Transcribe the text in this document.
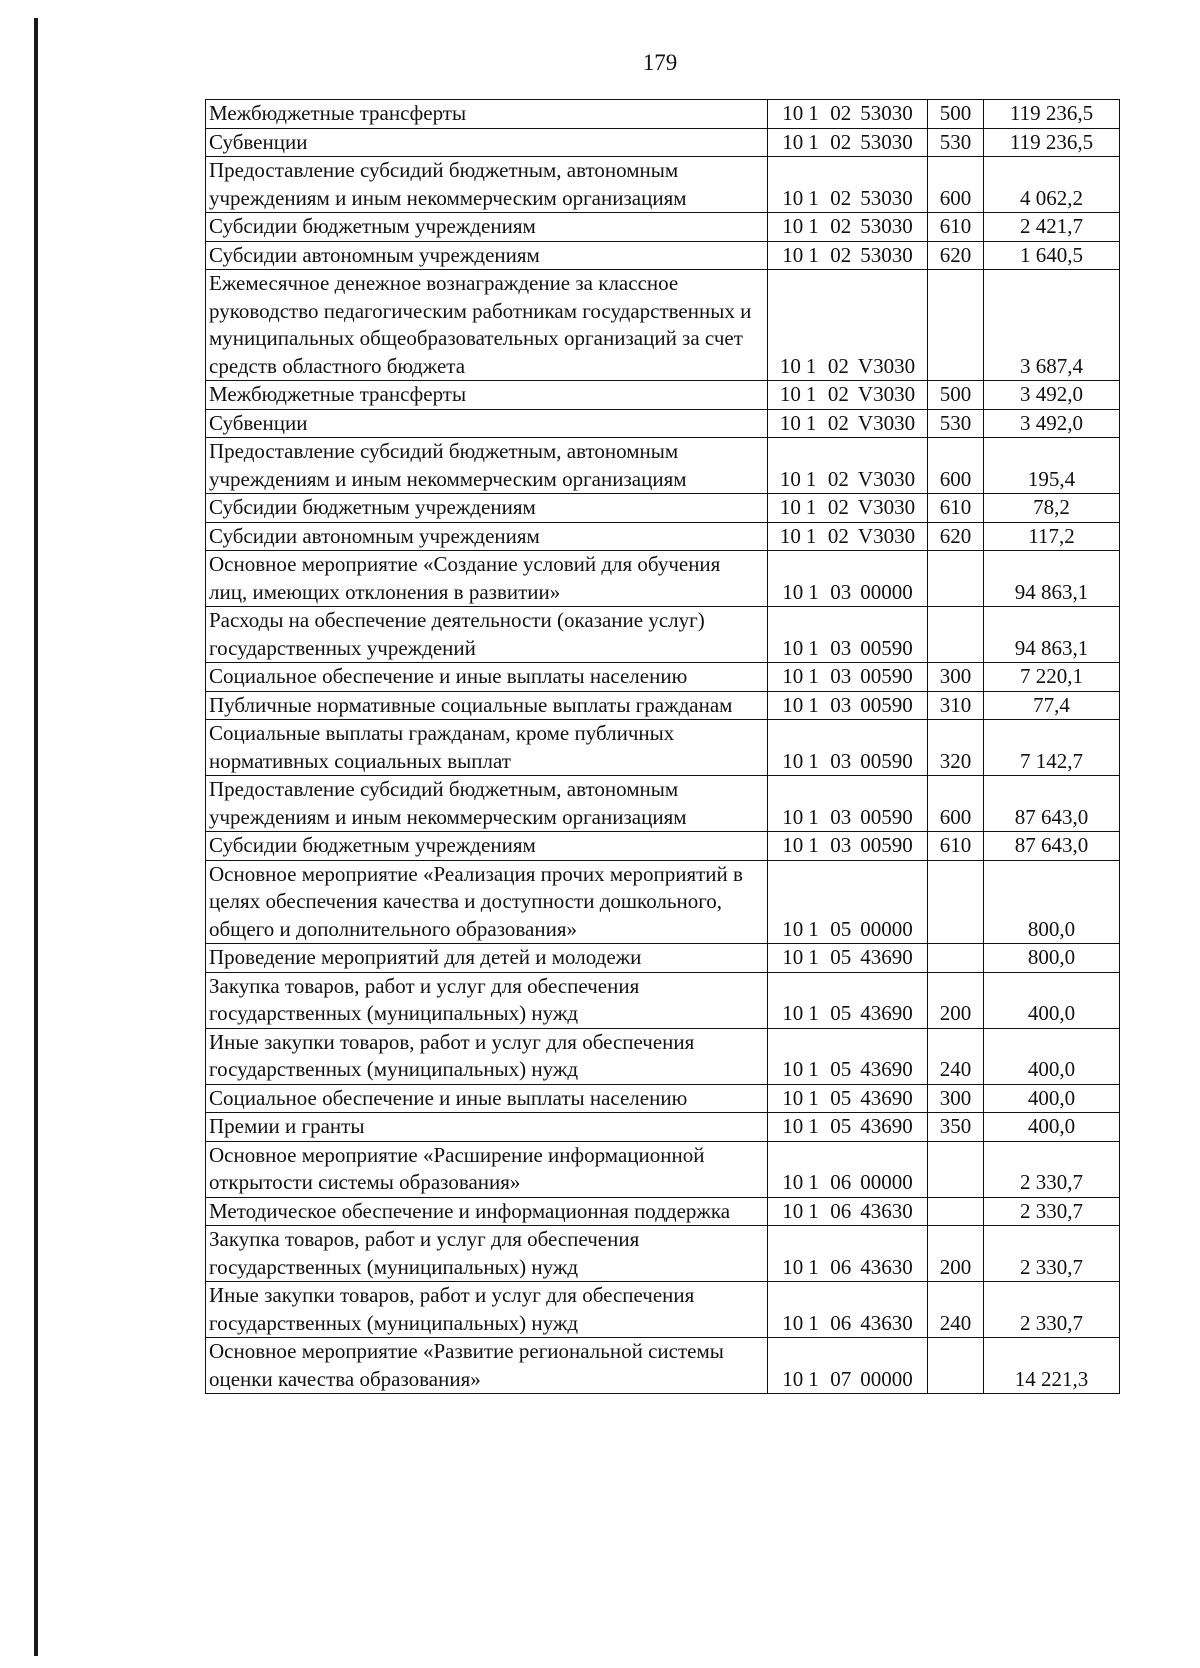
179
Межбюджетные трансферты	10 1 02 53030	500	119 236,5
Субвенции	10 1 02 53030	530	119 236,5
Предоставление субсидий бюджетным, автономным учреждениям и иным некоммерческим организациям	10 1 02 53030	600	4 062,2
Субсидии бюджетным учреждениям	10 1 02 53030	610	2 421,7
Субсидии автономным учреждениям	10 1 02 53030	620	1 640,5
Ежемесячное денежное вознаграждение за классное руководство педагогическим работникам государственных и муниципальных общеобразовательных организаций за счет средств областного бюджета	10 1 02 V3030		3 687,4
Межбюджетные трансферты	10 1 02 V3030	500	3 492,0
Субвенции	10 1 02 V3030	530	3 492,0
Предоставление субсидий бюджетным, автономным учреждениям и иным некоммерческим организациям	10 1 02 V3030	600	195,4
Субсидии бюджетным учреждениям	10 1 02 V3030	610	78,2
Субсидии автономным учреждениям	10 1 02 V3030	620	117,2
Основное мероприятие «Создание условий для обучения лиц, имеющих отклонения в развитии»	10 1 03 00000		94 863,1
Расходы на обеспечение деятельности (оказание услуг) государственных учреждений	10 1 03 00590		94 863,1
Социальное обеспечение и иные выплаты населению	10 1 03 00590	300	7 220,1
Публичные нормативные социальные выплаты гражданам	10 1 03 00590	310	77,4
Социальные выплаты гражданам, кроме публичных нормативных социальных выплат	10 1 03 00590	320	7 142,7
Предоставление субсидий бюджетным, автономным учреждениям и иным некоммерческим организациям	10 1 03 00590	600	87 643,0
Субсидии бюджетным учреждениям	10 1 03 00590	610	87 643,0
Основное мероприятие «Реализация прочих мероприятий в целях обеспечения качества и доступности дошкольного, общего и дополнительного образования»	10 1 05 00000		800,0
Проведение мероприятий для детей и молодежи	10 1 05 43690		800,0
Закупка товаров, работ и услуг для обеспечения государственных (муниципальных) нужд	10 1 05 43690	200	400,0
Иные закупки товаров, работ и услуг для обеспечения государственных (муниципальных) нужд	10 1 05 43690	240	400,0
Социальное обеспечение и иные выплаты населению	10 1 05 43690	300	400,0
Премии и гранты	10 1 05 43690	350	400,0
Основное мероприятие «Расширение информационной открытости системы образования»	10 1 06 00000		2 330,7
Методическое обеспечение и информационная поддержка	10 1 06 43630		2 330,7
Закупка товаров, работ и услуг для обеспечения государственных (муниципальных) нужд	10 1 06 43630	200	2 330,7
Иные закупки товаров, работ и услуг для обеспечения государственных (муниципальных) нужд	10 1 06 43630	240	2 330,7
Основное мероприятие «Развитие региональной системы оценки качества образования»	10 1 07 00000		14 221,3
